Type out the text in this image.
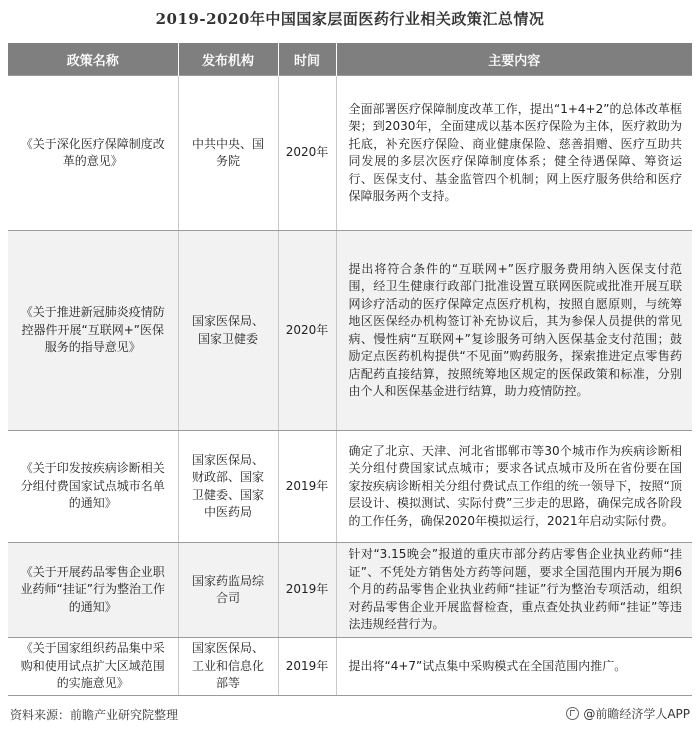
2019-2020年中国国家层面医药行业相关政策汇总情况
政策名称	发布机构	时间	主要内容
《关于深化医疗保障制度改革的意见》	中共中央、国务院	2020年	全面部署医疗保障制度改革工作，提出“1+4+2”的总体改革框架；到2030年，全面建成以基本医疗保险为主体，医疗救助为托底，补充医疗保险、商业健康保险、慈善捐赠、医疗互助共同发展的多层次医疗保障制度体系；健全待遇保障、筹资运行、医保支付、基金监管四个机制；网上医疗服务供给和医疗保障服务两个支持。
《关于推进新冠肺炎疫情防控器件开展“互联网+”医保服务的指导意见》	国家医保局、国家卫健委	2020年	提出将符合条件的“互联网+”医疗服务费用纳入医保支付范围，经卫生健康行政部门批准设置互联网医院或批准开展互联网诊疗活动的医疗保障定点医疗机构，按照自愿原则，与统筹地区医保经办机构签订补充协议后，其为参保人员提供的常见病、慢性病“互联网+”复诊服务可纳入医保基金支付范围；鼓励定点医药机构提供“不见面”购药服务，探索推进定点零售药店配药直接结算，按照统筹地区规定的医保政策和标准，分别由个人和医保基金进行结算，助力疫情防控。
《关于印发按疾病诊断相关分组付费国家试点城市名单的通知》	国家医保局、财政部、国家卫健委、国家中医药局	2019年	确定了北京、天津、河北省邯郸市等30个城市作为疾病诊断相关分组付费国家试点城市；要求各试点城市及所在省份要在国家按疾病诊断相关分组付费试点工作组的统一领导下，按照“顶层设计、模拟测试、实际付费”三步走的思路，确保完成各阶段的工作任务，确保2020年模拟运行，2021年启动实际付费。
《关于开展药品零售企业职业药师“挂证”行为整治工作的通知》	国家药监局综合司	2019年	针对“3.15晚会”报道的重庆市部分药店零售企业执业药师“挂证”、不凭处方销售处方药等问题，要求全国范围内开展为期6个月的药品零售企业执业药师“挂证”行为整治专项活动，组织对药品零售企业开展监督检查，重点查处执业药师“挂证”等违法违规经营行为。
《关于国家组织药品集中采购和使用试点扩大区域范围的实施意见》	国家医保局、工业和信息化部等	2019年	提出将“4+7”试点集中采购模式在全国范围内推广。
资料来源：前瞻产业研究院整理	@前瞻经济学人APP
